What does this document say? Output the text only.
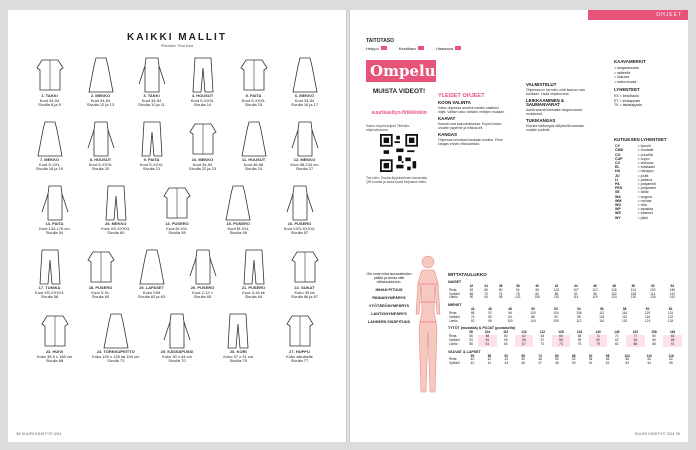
KAIKKI MALLIT
Piirrokset: Tiina Kara
1. TAKKI
Koot 34-54
Sivulla 8 ja 9
2. MEKKO
Koot 34-54
Sivulla 12 ja 13
3. TAKKI
Koot 34-54
Sivulla 10 ja 11
4. HOUSUT
Koot S-XXXL
Sivulla 14
5. PAITA
Koot S-XXXL
Sivulla 15
6. MEKKO
Koot 34-54
Sivulla 16 ja 17
7. MEKKO
Koot S-XXL
Sivulla 18 ja 19
8. HOUSUT
Koot S-XXXL
Sivulla 20
9. PAITA
Koot S-XXXL
Sivulla 21
10. MEKKO
Koot 34-54
Sivulla 22 ja 23
11. HOUSUT
Koot 46-66
Sivulla 24
12. MEKKO
Koot 98-134 cm
Sivulla 27
13. PAITA
Koot 134-176 cm
Sivulla 54
28. MEKKO
Koot XS-XXXXL
Sivulla 80
14. PUSERO
Koot M-XXL
Sivulla 55
15. PUSERO
Koot M-XXL
Sivulla 56
16. PUSERO
Koot XXS-XXXXL
Sivulla 57
17. TUNIKA
Koot XS-XXXXL
Sivulla 58
18. PUSERO
Koot S-XL
Sivulla 60
19. LAPASET
Koko S/M
Sivulla 62 ja 63
20. PUSERO
Koot 2-12 v
Sivulla 65
21. PUSERO
Koot 4-18 kk
Sivulla 64
22. SUKAT
Koko 39 tai
Sivulla 66 ja 67
23. HUIVI
Koko 38,5 x 188 cm
Sivulla 68
24. TORKKUPEITTO
Koko 100 x 135 tai 154 cm
Sivulla 73
25. KÄSSÄPUSSI
Koko 30 x 44 cm
Sivulla 70
26. KORI
Koko 37 x 31 cm
Sivulla 75
27. HUPPU
Koko aikuiselle
Sivulla 77
38 SUURI KÄSITYÖ 3/24
OHJEET
TAITOTASO
Helppo	Keskitaso	Haastava
Ompelu
MUISTA VIDEOT!
suurikasityo.fi/tikkinkin
Katso ompeluohjeet Tikkinko-ohjevideomme
Tee näin: Osoita älypuhelimen kameralla QR-koodia ja avaa koodi tarjoama linkki.
YLEISET OHJEET
KOON VALINTA

Katso ohjeessa annetut valmiin vaatteen mitat. Valitse koko vartalon mittojen mukaan.

KAAVAT

Kaavat ovat kaavoituksessa. Kopioi kaava ohuelle paperille ja leikkaa irti.

KANGAS

Ohjeessa kerrotaan kankaan kulutus. Pese kangas ennen leikkaamista.

VALMISTELUT

Ohjeessa on kerrottu, mitä kaavan osia tarvitaan. Lisää ompeluvarat.

LEIKKAAMINEN & SAUMANVARAT

Aseta kaavat kankaalle langansuoran mukaisesti.

TUKIKANGAS

Kiinnitä tukikangas silityksellä kankaan nurjalle puolelle.

KAAVAMERKIT
= langansuunta
= taitteelle
= liukuvia
= katso kuvaa
LYHENTEET
KS = keskitaulu
ET = etukappale
TK = takakappale
KUTIUKSEN LYHENTEET
CY	= lyocell
CMD	= modaali
CO	= puuvilla
CUP	= cupro
CV	= viskoosi
EL	= elastaani
HA	= hamppu
JU	= juutti
LI	= pellava
PA	= polyamidi
PES	= polyesteri
SE	= silkki
WA	= angora
WM	= mohair
WO	= villa
WP	= alpakka
WS	= kashmir
WY	= jakki
Ota omat mitat alusvaatteiden päältä ja vertaa niitä mittataulukkoon.
HIHAN PITUUS
RINNANYMPÄRYS
VYÖTÄRÖNYMPÄRYS
LANTIONYMPÄRYS
LAHKEEN SISÄPITUUS
MITTATAULUKKO
NAISET
	32	34	36	38	40	42	44	46	48	50	52	54
Rinta	82	86	90	94	98	102	107	112	118	124	130	136
Vyötärö	66	70	74	78	82	86	91	96	102	108	114	120
Lantio	90	94	98	102	106	110	114	119	124	130	136	142
MIEHET
	44	46	48	50	52	54	56	58	60	62
Rinta	88	92	96	100	104	108	112	116	120	124
Vyötärö	76	80	84	88	92	98	104	110	116	122
Lantio	92	96	100	104	108	112	116	120	124	128
TYTÖT (mustalla) & POJAT (punaisella)
	98	104	110	116	122	128	134	140	146	152	158	164
Rinta	56	58	60	62	64	66	68	71	74	77	80	83
Vyötärö	53	54	55	56	57	58	59	60	62	64	66	68
Lantio	58	61	64	67	70	73	76	79	82	85	88	91
VAUVAT & LAPSET
	50	56	62	68	74	80	86	92	98	104	110	116
Rinta	40	42	44	46	48	50	52	54	56	58	60	62
Vyötärö	40	42	44	46	47	48	50	51	52	53	54	55
SUURI KÄSITYÖ 3/24 39
